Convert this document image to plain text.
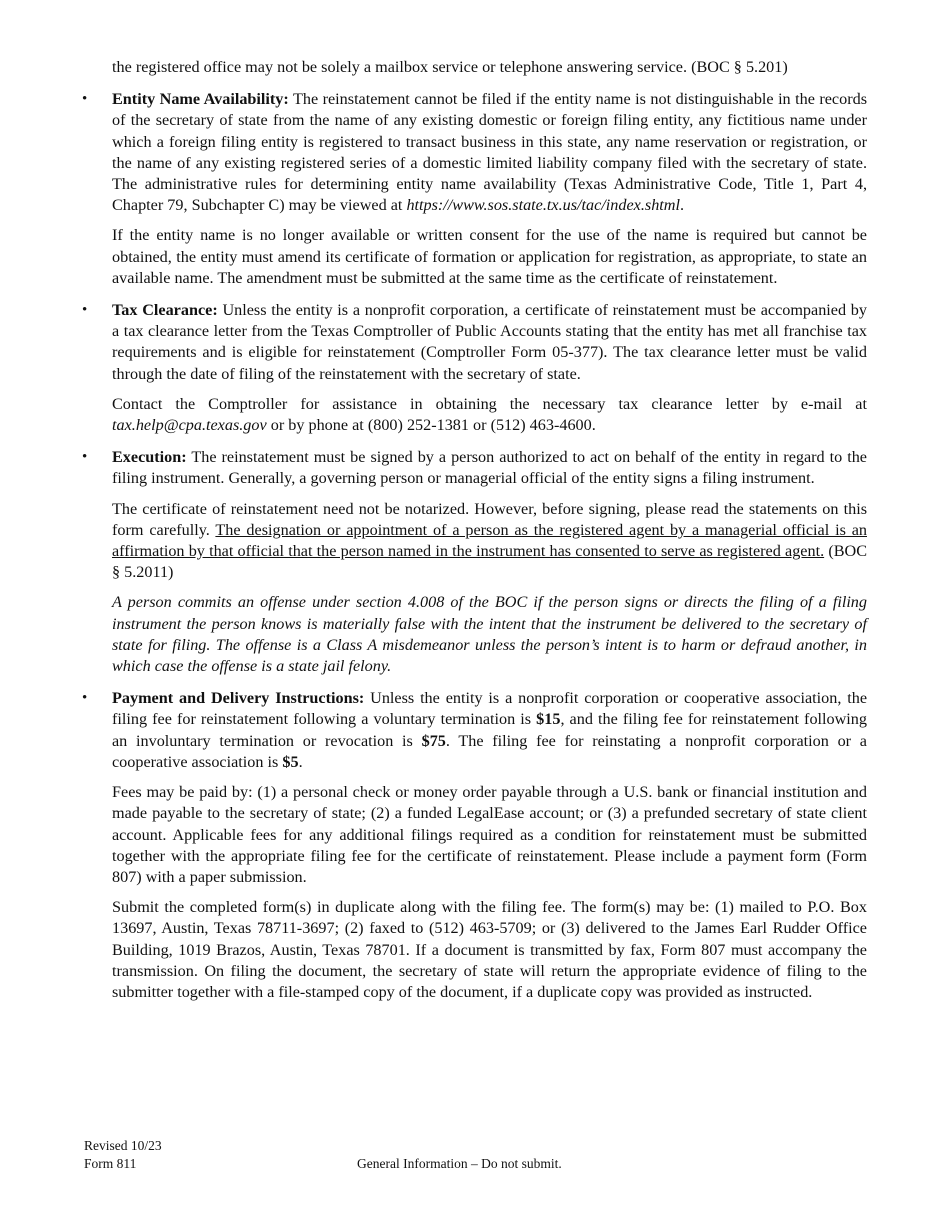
the registered office may not be solely a mailbox service or telephone answering service. (BOC § 5.201)

• Entity Name Availability: The reinstatement cannot be filed if the entity name is not distinguishable in the records of the secretary of state from the name of any existing domestic or foreign filing entity, any fictitious name under which a foreign filing entity is registered to transact business in this state, any name reservation or registration, or the name of any existing registered series of a domestic limited liability company filed with the secretary of state. The administrative rules for determining entity name availability (Texas Administrative Code, Title 1, Part 4, Chapter 79, Subchapter C) may be viewed at https://www.sos.state.tx.us/tac/index.shtml.

If the entity name is no longer available or written consent for the use of the name is required but cannot be obtained, the entity must amend its certificate of formation or application for registration, as appropriate, to state an available name. The amendment must be submitted at the same time as the certificate of reinstatement.

• Tax Clearance: Unless the entity is a nonprofit corporation, a certificate of reinstatement must be accompanied by a tax clearance letter from the Texas Comptroller of Public Accounts stating that the entity has met all franchise tax requirements and is eligible for reinstatement (Comptroller Form 05-377). The tax clearance letter must be valid through the date of filing of the reinstatement with the secretary of state.

Contact the Comptroller for assistance in obtaining the necessary tax clearance letter by e-mail at tax.help@cpa.texas.gov or by phone at (800) 252-1381 or (512) 463-4600.

• Execution: The reinstatement must be signed by a person authorized to act on behalf of the entity in regard to the filing instrument. Generally, a governing person or managerial official of the entity signs a filing instrument.

The certificate of reinstatement need not be notarized. However, before signing, please read the statements on this form carefully. The designation or appointment of a person as the registered agent by a managerial official is an affirmation by that official that the person named in the instrument has consented to serve as registered agent. (BOC § 5.2011)

A person commits an offense under section 4.008 of the BOC if the person signs or directs the filing of a filing instrument the person knows is materially false with the intent that the instrument be delivered to the secretary of state for filing. The offense is a Class A misdemeanor unless the person’s intent is to harm or defraud another, in which case the offense is a state jail felony.

• Payment and Delivery Instructions: Unless the entity is a nonprofit corporation or cooperative association, the filing fee for reinstatement following a voluntary termination is $15, and the filing fee for reinstatement following an involuntary termination or revocation is $75. The filing fee for reinstating a nonprofit corporation or a cooperative association is $5.

Fees may be paid by: (1) a personal check or money order payable through a U.S. bank or financial institution and made payable to the secretary of state; (2) a funded LegalEase account; or (3) a prefunded secretary of state client account. Applicable fees for any additional filings required as a condition for reinstatement must be submitted together with the appropriate filing fee for the certificate of reinstatement. Please include a payment form (Form 807) with a paper submission.

Submit the completed form(s) in duplicate along with the filing fee. The form(s) may be: (1) mailed to P.O. Box 13697, Austin, Texas 78711-3697; (2) faxed to (512) 463-5709; or (3) delivered to the James Earl Rudder Office Building, 1019 Brazos, Austin, Texas 78701. If a document is transmitted by fax, Form 807 must accompany the transmission. On filing the document, the secretary of state will return the appropriate evidence of filing to the submitter together with a file-stamped copy of the document, if a duplicate copy was provided as instructed.

Revised 10/23
Form 811	General Information – Do not submit.
